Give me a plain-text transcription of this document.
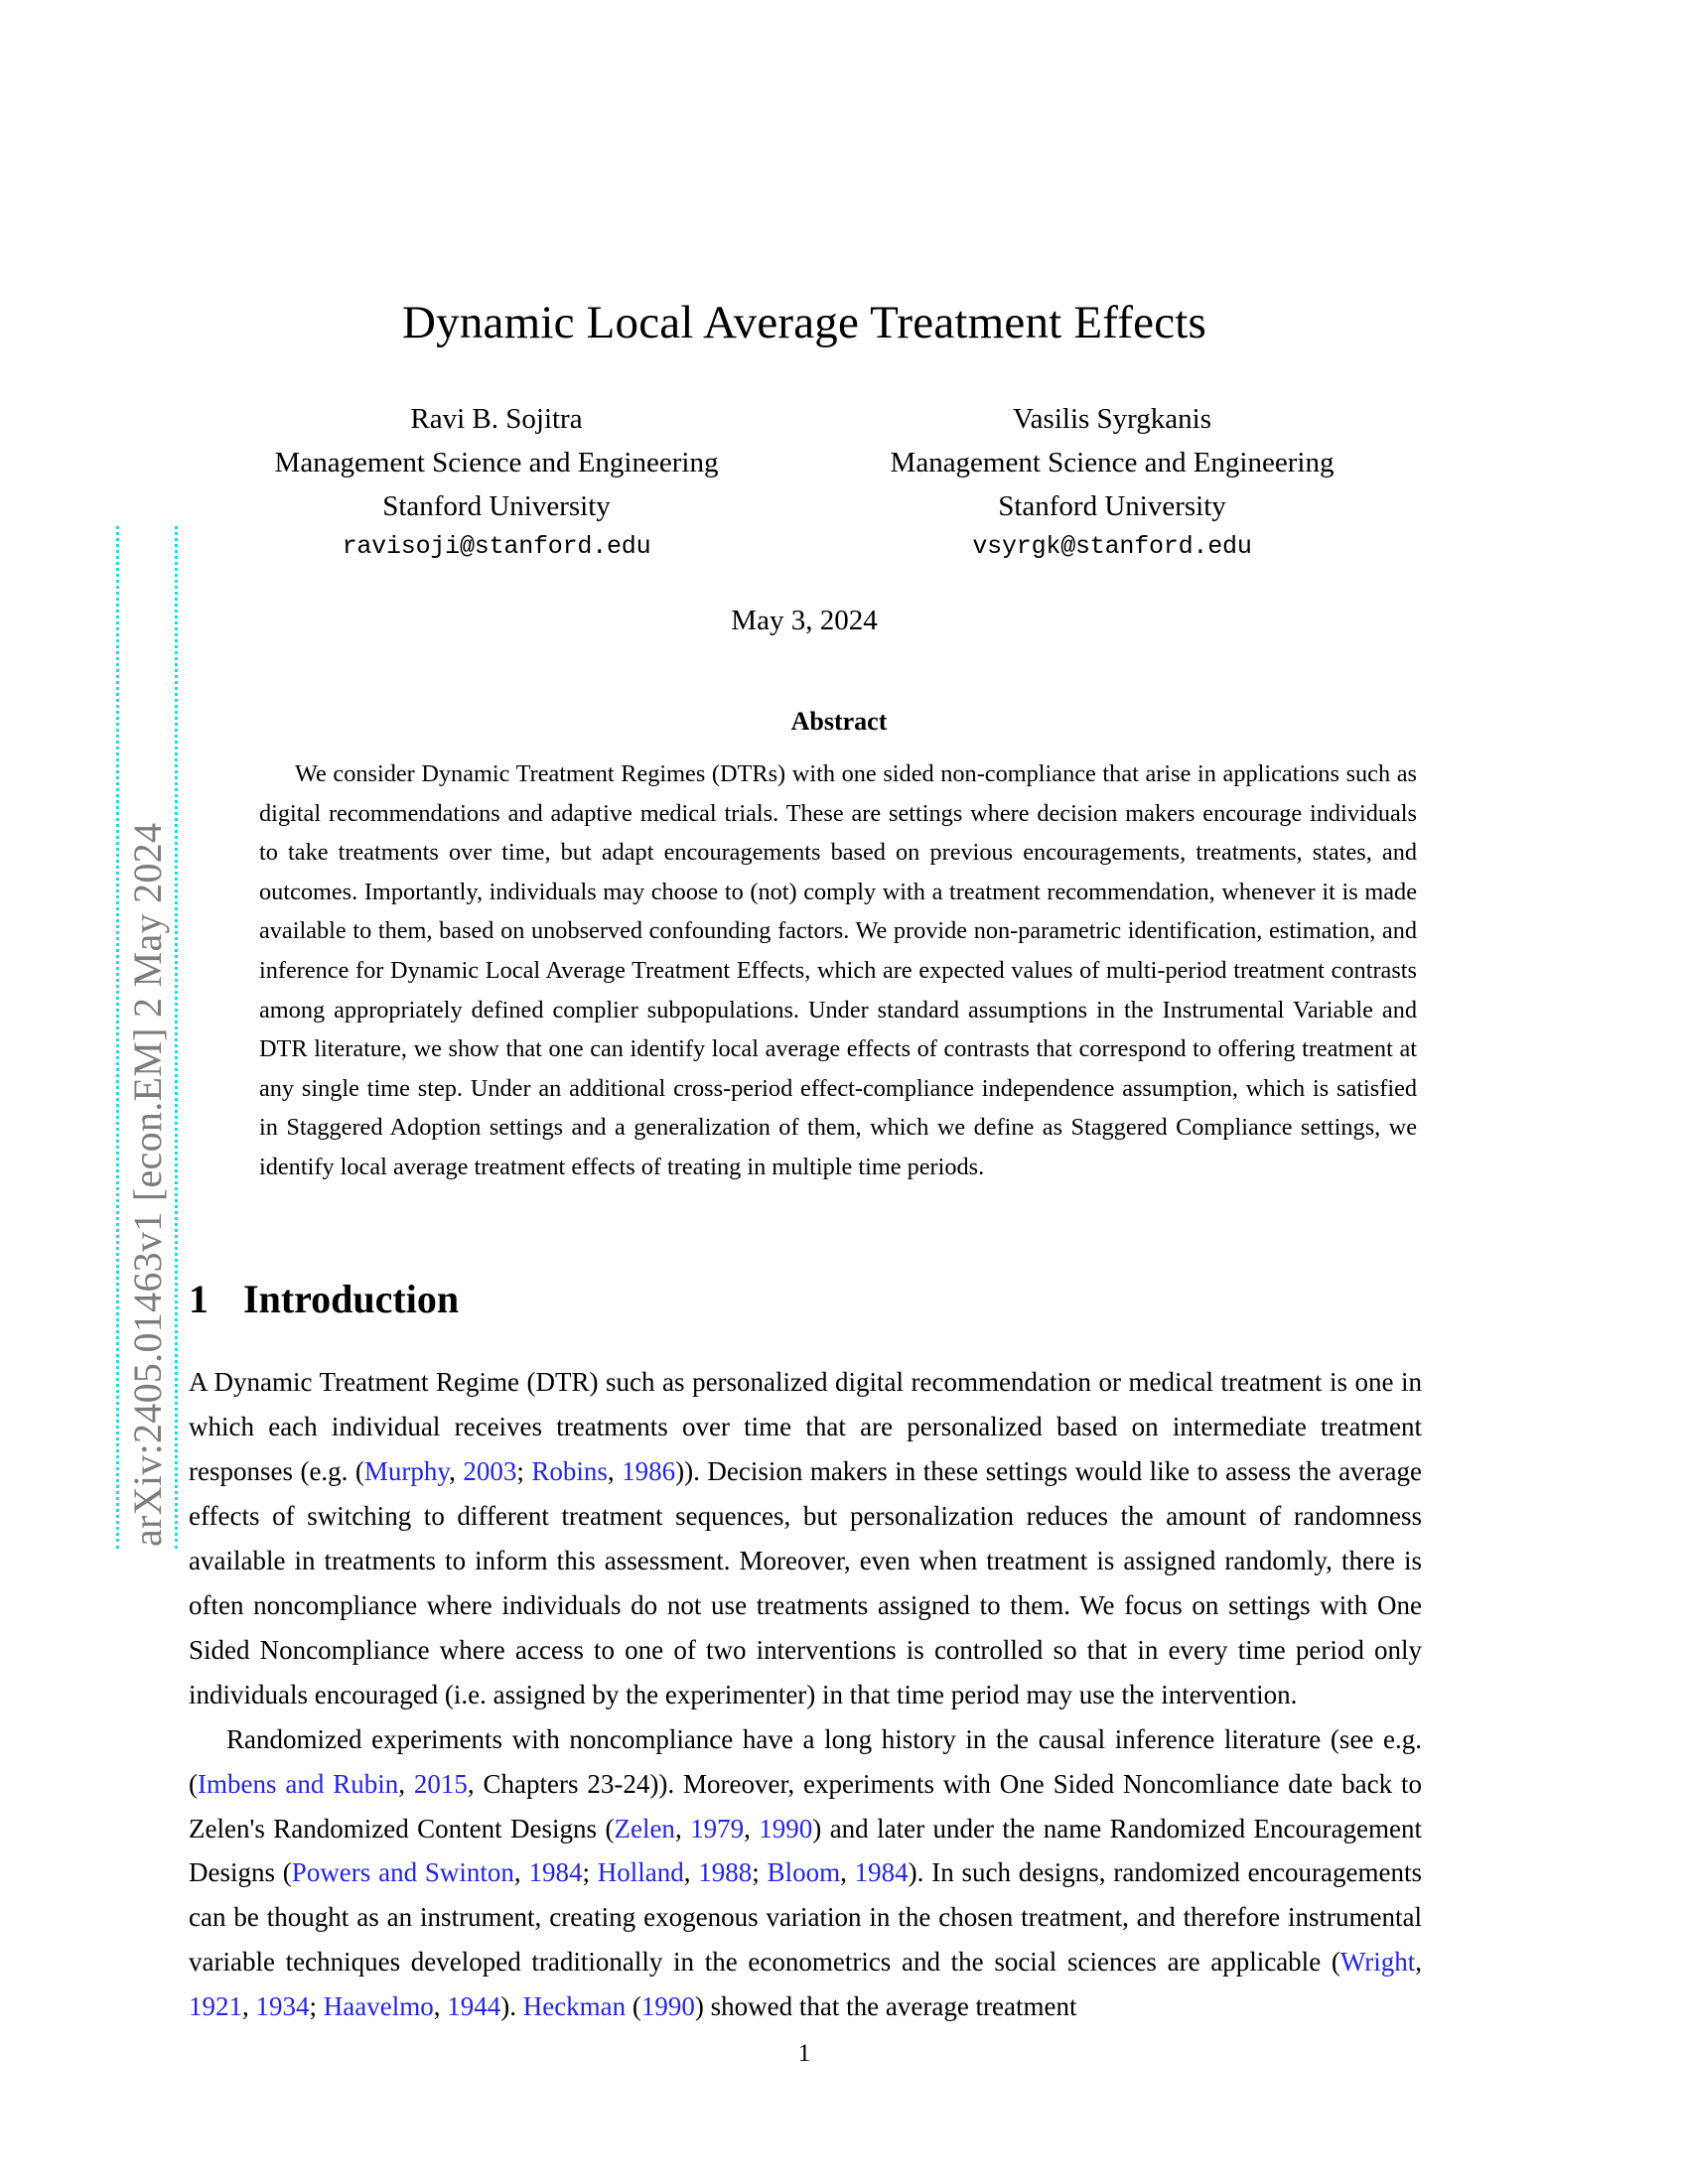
arXiv:2405.01463v1 [econ.EM] 2 May 2024
Dynamic Local Average Treatment Effects
Ravi B. Sojitra
Management Science and Engineering
Stanford University
ravisoji@stanford.edu
Vasilis Syrgkanis
Management Science and Engineering
Stanford University
vsyrgk@stanford.edu
May 3, 2024
Abstract
We consider Dynamic Treatment Regimes (DTRs) with one sided non-compliance that arise in applications such as digital recommendations and adaptive medical trials. These are settings where decision makers encourage individuals to take treatments over time, but adapt encouragements based on previous encouragements, treatments, states, and outcomes. Importantly, individuals may choose to (not) comply with a treatment recommendation, whenever it is made available to them, based on unobserved confounding factors. We provide non-parametric identification, estimation, and inference for Dynamic Local Average Treatment Effects, which are expected values of multi-period treatment contrasts among appropriately defined complier subpopulations. Under standard assumptions in the Instrumental Variable and DTR literature, we show that one can identify local average effects of contrasts that correspond to offering treatment at any single time step. Under an additional cross-period effect-compliance independence assumption, which is satisfied in Staggered Adoption settings and a generalization of them, which we define as Staggered Compliance settings, we identify local average treatment effects of treating in multiple time periods.
1 Introduction

A Dynamic Treatment Regime (DTR) such as personalized digital recommendation or medical treatment is one in which each individual receives treatments over time that are personalized based on intermediate treatment responses (e.g. (Murphy, 2003; Robins, 1986)). Decision makers in these settings would like to assess the average effects of switching to different treatment sequences, but personalization reduces the amount of randomness available in treatments to inform this assessment. Moreover, even when treatment is assigned randomly, there is often noncompliance where individuals do not use treatments assigned to them. We focus on settings with One Sided Noncompliance where access to one of two interventions is controlled so that in every time period only individuals encouraged (i.e. assigned by the experimenter) in that time period may use the intervention.

Randomized experiments with noncompliance have a long history in the causal inference literature (see e.g. (Imbens and Rubin, 2015, Chapters 23-24)). Moreover, experiments with One Sided Noncomliance date back to Zelen's Randomized Content Designs (Zelen, 1979, 1990) and later under the name Randomized Encouragement Designs (Powers and Swinton, 1984; Holland, 1988; Bloom, 1984). In such designs, randomized encouragements can be thought as an instrument, creating exogenous variation in the chosen treatment, and therefore instrumental variable techniques developed traditionally in the econometrics and the social sciences are applicable (Wright, 1921, 1934; Haavelmo, 1944). Heckman (1990) showed that the average treatment

1
